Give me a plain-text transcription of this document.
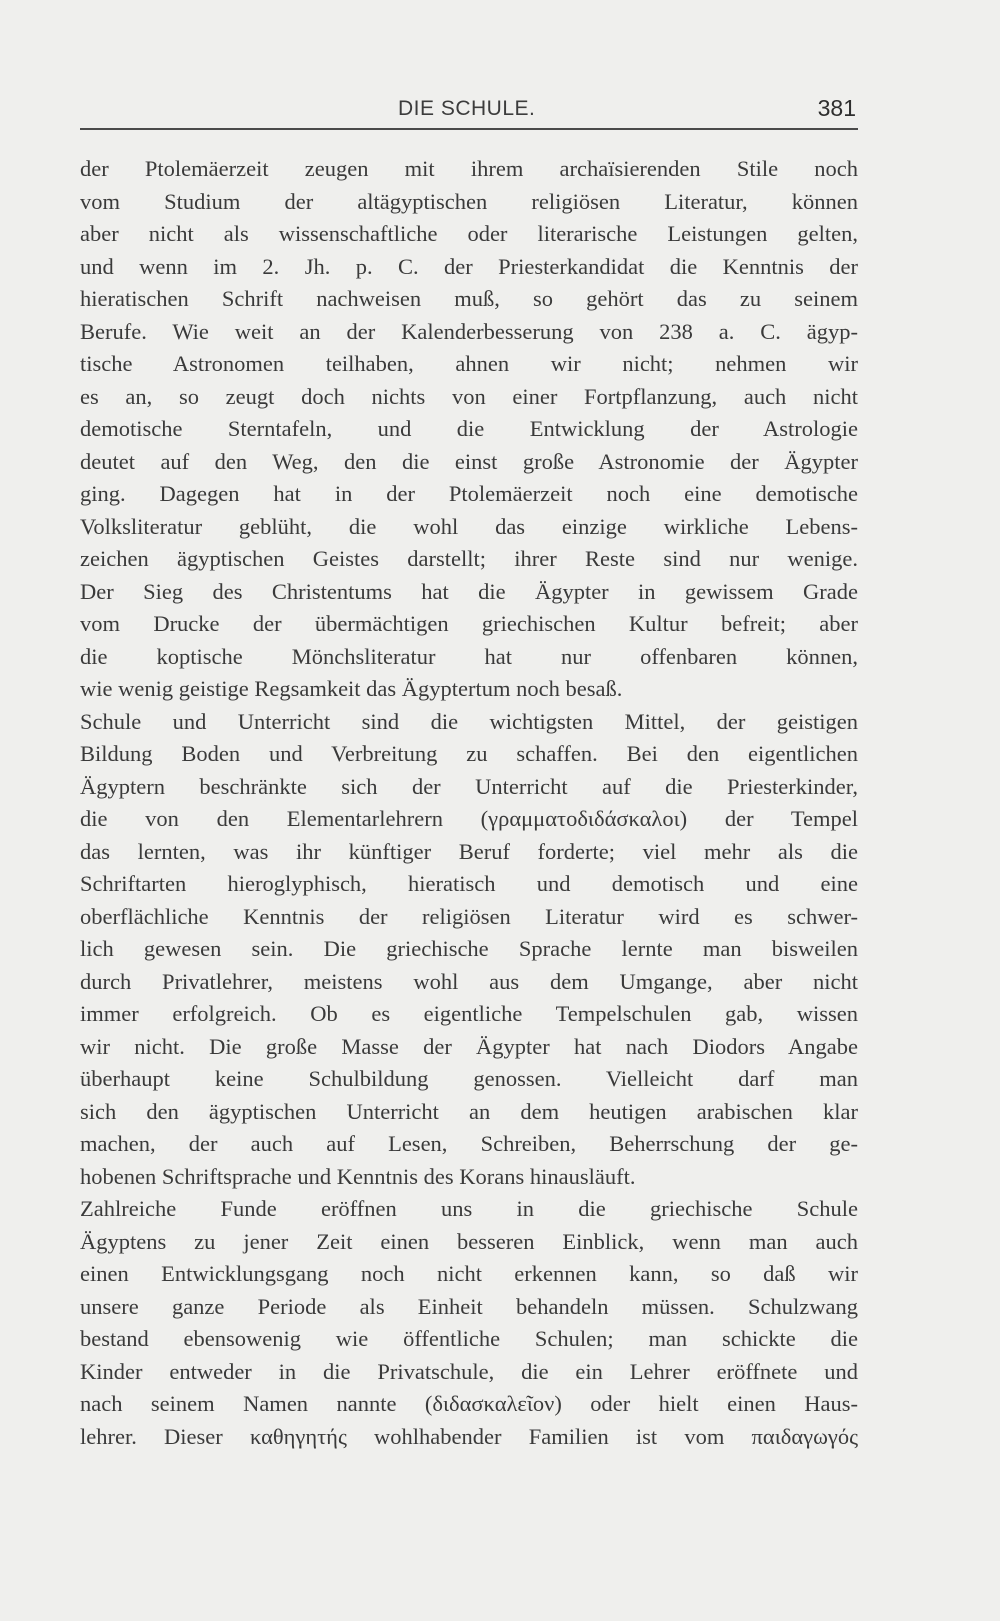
DIE SCHULE.	381
der Ptolemäerzeit zeugen mit ihrem archaïsierenden Stile noch
vom Studium der altägyptischen religiösen Literatur, können
aber nicht als wissenschaftliche oder literarische Leistungen gelten,
und wenn im 2. Jh. p. C. der Priesterkandidat die Kenntnis der
hieratischen Schrift nachweisen muß, so gehört das zu seinem
Berufe. Wie weit an der Kalenderbesserung von 238 a. C. ägyp-
tische Astronomen teilhaben, ahnen wir nicht; nehmen wir
es an, so zeugt doch nichts von einer Fortpflanzung, auch nicht
demotische Sterntafeln, und die Entwicklung der Astrologie
deutet auf den Weg, den die einst große Astronomie der Ägypter
ging. Dagegen hat in der Ptolemäerzeit noch eine demotische
Volksliteratur geblüht, die wohl das einzige wirkliche Lebens-
zeichen ägyptischen Geistes darstellt; ihrer Reste sind nur wenige.
Der Sieg des Christentums hat die Ägypter in gewissem Grade
vom Drucke der übermächtigen griechischen Kultur befreit; aber
die koptische Mönchsliteratur hat nur offenbaren können,
wie wenig geistige Regsamkeit das Ägyptertum noch besaß.
Schule und Unterricht sind die wichtigsten Mittel, der geistigen
Bildung Boden und Verbreitung zu schaffen. Bei den eigentlichen
Ägyptern beschränkte sich der Unterricht auf die Priesterkinder,
die von den Elementarlehrern (γραμματοδιδάσκαλοι) der Tempel
das lernten, was ihr künftiger Beruf forderte; viel mehr als die
Schriftarten hieroglyphisch, hieratisch und demotisch und eine
oberflächliche Kenntnis der religiösen Literatur wird es schwer-
lich gewesen sein. Die griechische Sprache lernte man bisweilen
durch Privatlehrer, meistens wohl aus dem Umgange, aber nicht
immer erfolgreich. Ob es eigentliche Tempelschulen gab, wissen
wir nicht. Die große Masse der Ägypter hat nach Diodors Angabe
überhaupt keine Schulbildung genossen. Vielleicht darf man
sich den ägyptischen Unterricht an dem heutigen arabischen klar
machen, der auch auf Lesen, Schreiben, Beherrschung der ge-
hobenen Schriftsprache und Kenntnis des Korans hinausläuft.
Zahlreiche Funde eröffnen uns in die griechische Schule
Ägyptens zu jener Zeit einen besseren Einblick, wenn man auch
einen Entwicklungsgang noch nicht erkennen kann, so daß wir
unsere ganze Periode als Einheit behandeln müssen. Schulzwang
bestand ebensowenig wie öffentliche Schulen; man schickte die
Kinder entweder in die Privatschule, die ein Lehrer eröffnete und
nach seinem Namen nannte (διδασκαλεῖον) oder hielt einen Haus-
lehrer. Dieser καθηγητής wohlhabender Familien ist vom παιδαγωγός
